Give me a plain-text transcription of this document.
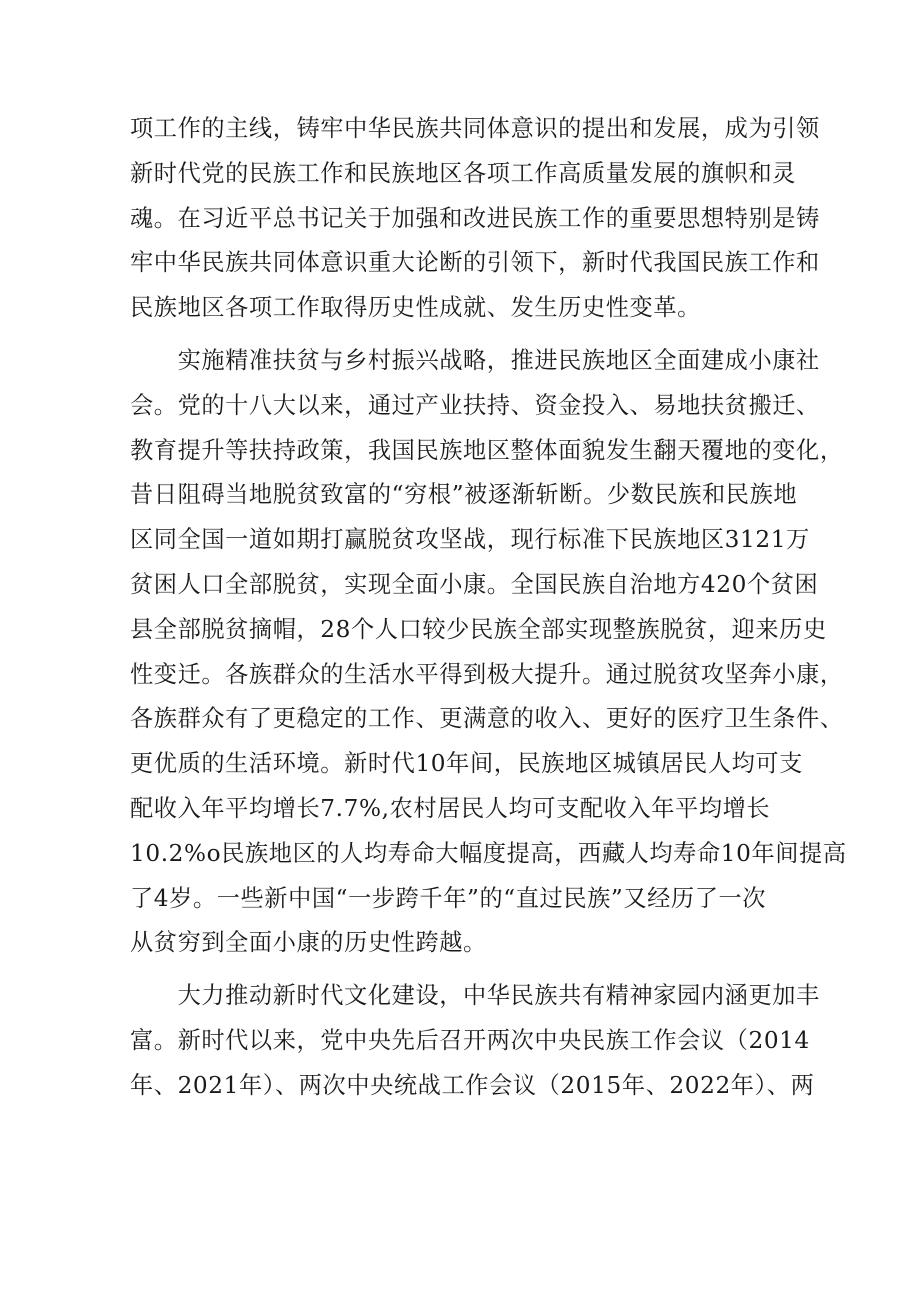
项工作的主线，铸牢中华民族共同体意识的提出和发展，成为引领
新时代党的民族工作和民族地区各项工作高质量发展的旗帜和灵
魂。在习近平总书记关于加强和改进民族工作的重要思想特别是铸
牢中华民族共同体意识重大论断的引领下，新时代我国民族工作和
民族地区各项工作取得历史性成就、发生历史性变革。
　　实施精准扶贫与乡村振兴战略，推进民族地区全面建成小康社
会。党的十八大以来，通过产业扶持、资金投入、易地扶贫搬迁、
教育提升等扶持政策，我国民族地区整体面貌发生翻天覆地的变化，
昔日阻碍当地脱贫致富的“穷根”被逐渐斩断。少数民族和民族地
区同全国一道如期打赢脱贫攻坚战，现行标准下民族地区3121万
贫困人口全部脱贫，实现全面小康。全国民族自治地方420个贫困
县全部脱贫摘帽，28个人口较少民族全部实现整族脱贫，迎来历史
性变迁。各族群众的生活水平得到极大提升。通过脱贫攻坚奔小康，
各族群众有了更稳定的工作、更满意的收入、更好的医疗卫生条件、
更优质的生活环境。新时代10年间，民族地区城镇居民人均可支
配收入年平均增长7.7%,农村居民人均可支配收入年平均增长
10.2%o民族地区的人均寿命大幅度提高，西藏人均寿命10年间提高
了4岁。一些新中国“一步跨千年”的“直过民族”又经历了一次
从贫穷到全面小康的历史性跨越。
　　大力推动新时代文化建设，中华民族共有精神家园内涵更加丰
富。新时代以来，党中央先后召开两次中央民族工作会议（2014
年、2021年）、两次中央统战工作会议（2015年、2022年）、两
